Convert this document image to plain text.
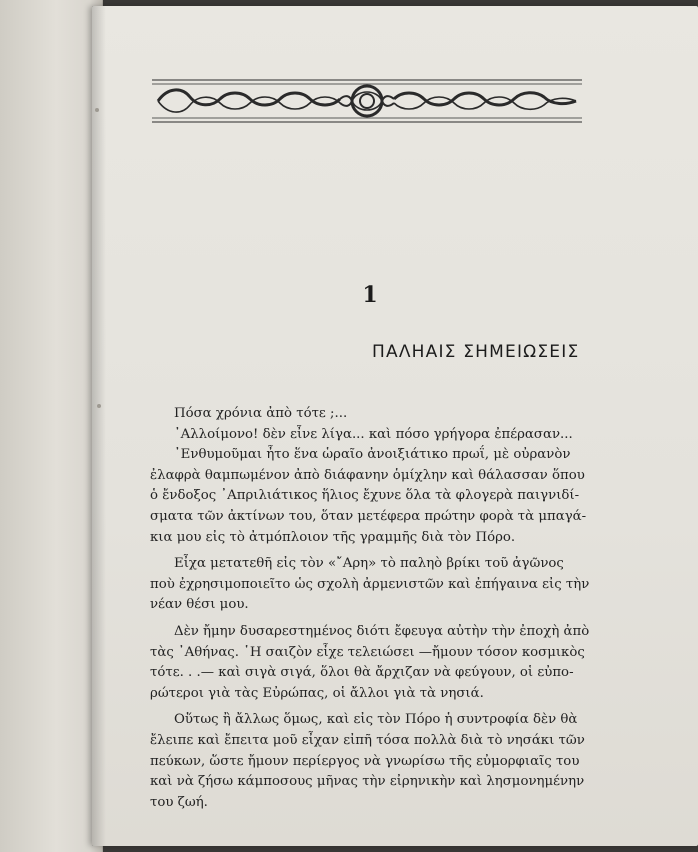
1
ΠΑΛΗΑΙΣ ΣΗΜΕΙΩΣΕΙΣ
Πόσα χρόνια ἀπὸ τότε ;...
᾿Αλλοίμονο! δὲν εἶνε λίγα... καὶ πόσο γρήγορα ἐπέρασαν...
᾿Ενθυμοῦμαι ἦτο ἕνα ὡραῖο ἀνοιξιάτικο πρωΐ, μὲ οὐρανὸν
ἐλαφρὰ θαμπωμένον ἀπὸ διάφανην ὁμίχλην καὶ θάλασσαν ὅπου
ὁ ἔνδοξος ᾿Απριλιάτικος ἥλιος ἔχυνε ὅλα τὰ φλογερὰ παιγνιδί-
σματα τῶν ἀκτίνων του, ὅταν μετέφερα πρώτην φορὰ τὰ μπαγά-
κια μου εἰς τὸ ἀτμόπλοιον τῆς γραμμῆς διὰ τὸν Πόρο.
Εἶχα μετατεθῆ εἰς τὸν «῎Αρη» τὸ παληὸ βρίκι τοῦ ἀγῶνος
ποὺ ἐχρησιμοποιεῖτο ὡς σχολὴ ἀρμενιστῶν καὶ ἐπήγαινα εἰς τὴν
νέαν θέσι μου.
Δὲν ἤμην δυσαρεστημένος διότι ἔφευγα αὐτὴν τὴν ἐποχὴ ἀπὸ
τὰς ᾿Αθήνας. ῾Η σαιζὸν εἶχε τελειώσει —ἤμουν τόσον κοσμικὸς
τότε. . .— καὶ σιγὰ σιγά, ὅλοι θὰ ἄρχιζαν νὰ φεύγουν, οἱ εὐπο-
ρώτεροι γιὰ τὰς Εὐρώπας, οἱ ἄλλοι γιὰ τὰ νησιά.
Οὕτως ἢ ἄλλως ὅμως, καὶ εἰς τὸν Πόρο ἡ συντροφία δὲν θὰ
ἔλειπε καὶ ἔπειτα μοῦ εἶχαν εἰπῆ τόσα πολλὰ διὰ τὸ νησάκι τῶν
πεύκων, ὥστε ἤμουν περίεργος νὰ γνωρίσω τῆς εὐμορφιαῖς του
καὶ νὰ ζήσω κάμποσους μῆνας τὴν εἰρηνικὴν καὶ λησμονημένην
του ζωή.
